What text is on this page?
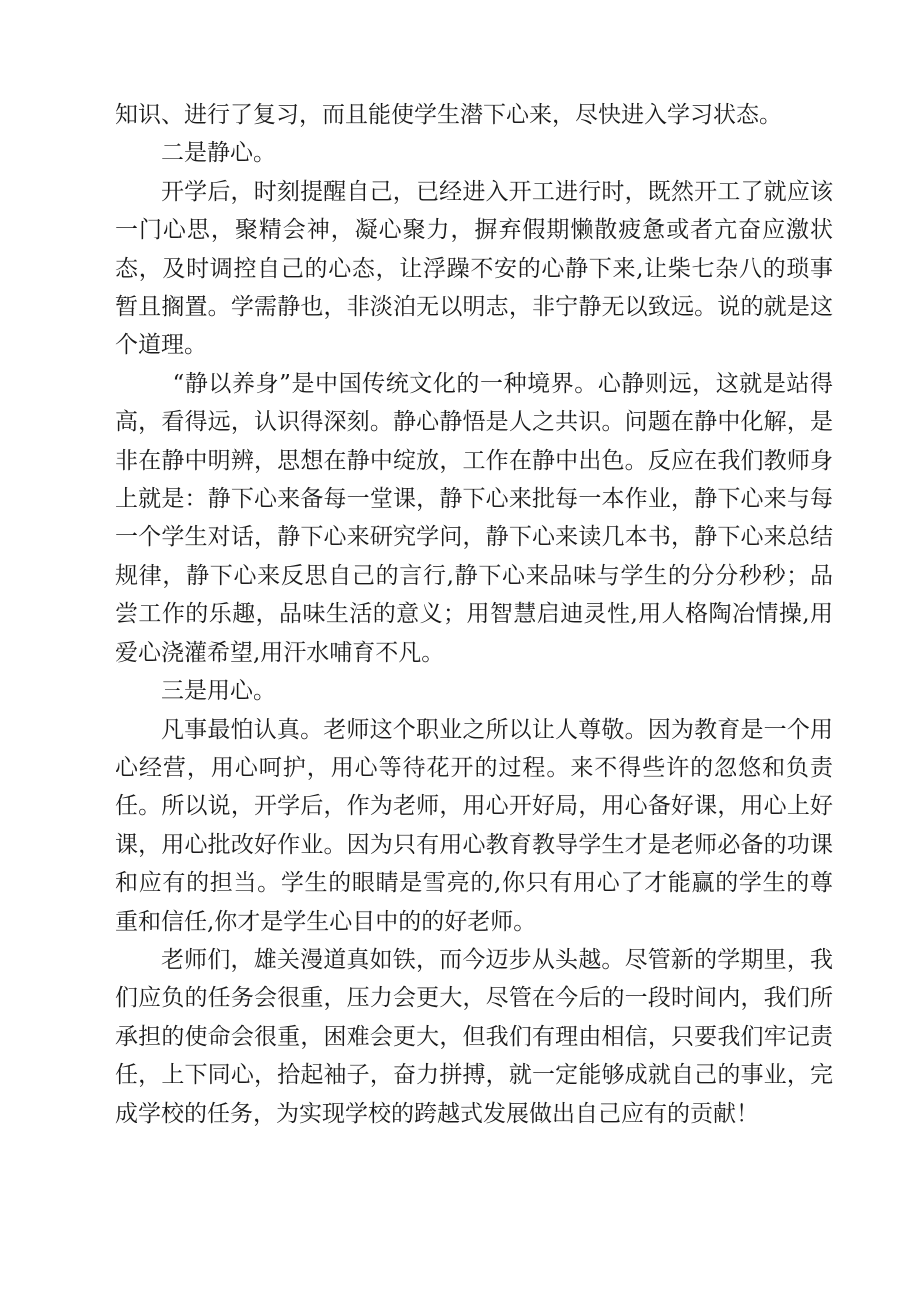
知识、进行了复习，而且能使学生潜下心来，尽快进入学习状态。

二是静心。

开学后，时刻提醒自己，已经进入开工进行时，既然开工了就应该一门心思，聚精会神，凝心聚力，摒弃假期懒散疲惫或者亢奋应激状态，及时调控自己的心态，让浮躁不安的心静下来,让柴七杂八的琐事暂且搁置。学需静也，非淡泊无以明志，非宁静无以致远。说的就是这个道理。

“静以养身”是中国传统文化的一种境界。心静则远，这就是站得高，看得远，认识得深刻。静心静悟是人之共识。问题在静中化解，是非在静中明辨，思想在静中绽放，工作在静中出色。反应在我们教师身上就是：静下心来备每一堂课，静下心来批每一本作业，静下心来与每一个学生对话，静下心来研究学问，静下心来读几本书，静下心来总结规律，静下心来反思自己的言行,静下心来品味与学生的分分秒秒；品尝工作的乐趣，品味生活的意义；用智慧启迪灵性,用人格陶冶情操,用爱心浇灌希望,用汗水哺育不凡。

三是用心。

凡事最怕认真。老师这个职业之所以让人尊敬。因为教育是一个用心经营，用心呵护，用心等待花开的过程。来不得些许的忽悠和负责任。所以说，开学后，作为老师，用心开好局，用心备好课，用心上好课，用心批改好作业。因为只有用心教育教导学生才是老师必备的功课和应有的担当。学生的眼睛是雪亮的,你只有用心了才能赢的学生的尊重和信任,你才是学生心目中的的好老师。

老师们，雄关漫道真如铁，而今迈步从头越。尽管新的学期里，我们应负的任务会很重，压力会更大，尽管在今后的一段时间内，我们所承担的使命会很重，困难会更大，但我们有理由相信，只要我们牢记责任，上下同心，拾起袖子，奋力拼搏，就一定能够成就自己的事业，完成学校的任务，为实现学校的跨越式发展做出自己应有的贡献！
